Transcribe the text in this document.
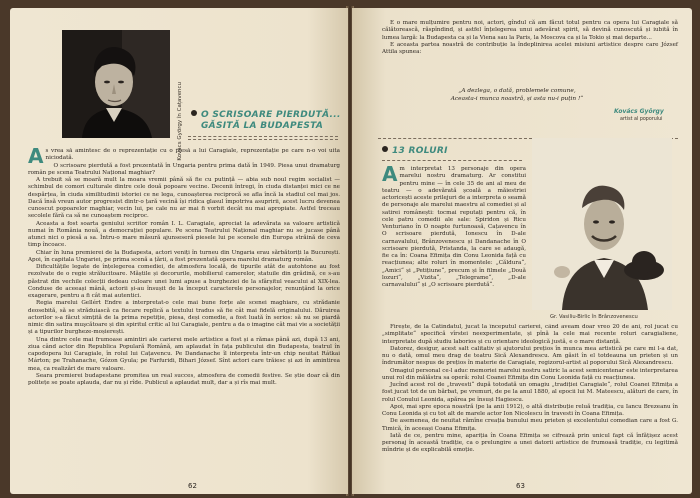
Kovács György în Cațavencu	O SCRISOARE PIERDUTĂ...
GĂSITĂ LA BUDAPESTA

As vrea să amintesc de o reprezentație cu o piesă a lui Caragiale, reprezentație pe care n-o voi uita niciodată.

O scrisoare pierdută a fost prezentată în Ungaria pentru prima dată în 1949. Piesa unui dramaturg român pe scena Teatrului Național maghiar?

A trebuit să se moară mult la moara vremii până să fie cu putință — abia sub noul regim socialist — schimbul de comori culturale dintre cele două popoare vecine. Decenii întregi, în ciuda distanței mici ce ne despărțea, în ciuda similitudinii istoriei ce ne lega, cunoașterea reciprocă se afla încă la stadiul cel mai jos. Dacă însă vreun autor progresist dintr-o țară vecină își ridica glasul împotriva asupririi, acest lucru devenea cunoscut popoarelor maghiar, vecin lui, pe cale nu ar mai fi vorbit decât nu mai apropiate. Astfel treceau secolele fără ca să ne cunoaștem reciproc.

Aceasta a fost soarta geniului scriitor român I. L. Caragiale, apreciat la adevărata sa valoare artistică numai în România nouă, a democrației populare. Pe scena Teatrului Național maghiar nu se jucase până atunci nici o piesă a sa. Întru-o mare măsură ajunseseră piesele lui pe scenele din Europa străină de ceva timp încoace.

Chiar în luna premierei de la Budapesta, actori veniți în turneu din Ungaria erau sărbătoriți la București. Apoi, în capitala Ungariei, pe prima scenă a țării, a fost prezentată opera marelui dramaturg român.

Dificultățile legate de înțelegerea comediei, de atmosfera locală, de tipurile atât de autohtone au fost rezolvate de o regie strălucitoare. Măștile și decorurile, mobilierul camerelor, statuile din grădină, ce s-au păstrat din vechile colecții dedeau culoare unei lumi apuse a burgheziei de la sfârșitul veacului al XIX-lea. Conduse de aceeași mână, actorii și-au însușit de la început caracterele personajelor, renunțând la orice exagerare, pentru a fi cât mai autentici.

Regia marelui Gellért Endre a interpretat-o cele mai bune forțe ale scenei maghiare, cu strădanie deosebită, să se străduiască ca fiecare replică a textului tradus să fie cât mai fidelă originalului. Dăruirea actorilor s-a făcut simțită de la prima repetiție, piesa, deși comedie, a fost luată în serios: să nu se piardă nimic din satira muşcătoare și din spiritul critic al lui Caragiale, pentru a da o imagine cât mai vie a societății și a tipurilor burgheze-moșierești.

Una dintre cele mai frumoase amintiri ale carierei mele artistice a fost și a rămas până azi, după 13 ani, ziua când actor din Republica Populară Română, am aplaudat în fața publicului din Budapesta, teatrul în capodopera lui Caragiale, în rolul lui Cațavencu. Pe Dandanache îl interpreta într-un chip neuitat Rátkai Márton; pe Trahanache, Gózon Gyula; pe Farfuridi, Bihari József. Sînt actori care trăiesc și azi în amintirea mea, ca realizări de mare valoare.

Seara premierei budapestane promitea un real succes, atmosfera de comedii festive. Se știe doar că din politețe se poate aplauda, dar nu și rîde. Publicul a aplaudat mult, dar a și rîs mai mult.

62

E o mare mulțumire pentru noi, actori, gîndul că am făcut totul pentru ca opera lui Caragiale să călătorească, răspîndind, și astfel înțelegerea unui adevărat spirit, să devină cunoscută și iubită în lumea largă: la Budapesta ca și la Viena sau la Paris, la Moscova ca și la Tokio și mai departe...

E aceasta partea noastră de contribuție la îndeplinirea acelei misiuni artistice despre care József Attila spunea:

„A dezlega, o dată, problemele comune,
Aceasta-i munca noastră, și asta nu-i puțin !“
Kovács György
artist al poporului
13 ROLURI

Am interpretat 13 personaje din opera marelui nostru dramaturg. Ar constitui pentru mine — în cele 35 de ani al meu de teatru — o adevărată școală a măiestriei actoricești aceste prilejuri de a interpreta o seamă de personaje ale marelui maestru al comediei și al satirei românești: tocmai reputați pentru că, în cele patru comedii ale sale: Spiridon și Ricu Venturiano în O noapte furtunoasă, Cațavencu în O scrisoare pierdută, Ionescu în D-ale carnavalului, Brânzovenescu și Dandanache în O scrisoare pierdută, Pristanda, la care se adaugă, fie ca în: Coana Efimița din Conu Leonida față cu reacțiunea; alte roluri în momentele: „Căldura“, „Amici“ și „Petițiune“, precum și în filmele „Două lozuri“, „Vizita“, „Telegrame“, „D-ale carnavalului“ și „O scrisoare pierdută“.

Gr. Vasiliu-Birlic în Brânzovenescu

Firește, de la Catindatul, jucat la începutul carierei, când aveam doar vreo 20 de ani, rol jucat cu „simplitate“ specifică vîrstei neexperimentate, și pînă la cele mai recente roluri caragialiene, interpretate după studiu laborios și cu orientare ideologică justă, e o mare distanță.

Datorez, desigur, acest salt calitativ și ajutorului prețios în munca mea artistică pe care mi l-a dat, nu o dată, omul meu drag de teatru Sică Alexandrescu. Am găsit în el totdeauna un prieten și un îndrumător nespus de prețios în materie de Caragiale, regizorul-artist al poporului Sică Alexandrescu.

Omagiul personal ce-l aduc memoriei marelui nostru satiric la acest semicentenar este interpretarea unui rol din mălăstra sa operă: rolul Coanei Efimița din Conu Leonida față cu reacțiunea.

Jucînd acest rol de „travesti“ după totodată un omagiu „tradiției Caragiale“, rolul Coanei Efimița a fost jucat tot de un bărbat, pe vremuri, de pe la anul 1880, al epocii lui M. Mateescu, alături de care, în rolul Conului Leonida, apărea pe însuși Hagiescu.

Apoi, mai spre epoca noastră (pe la anii 1912), o altă distribuție reluă tradiția, cu Iancu Brezeanu în Conu Leonida și cu tot alt de marele actor Ion Nicolescu în travesti în Coana Efimița.

De asemenea, de neuitat rămîne creația bunului meu prieten și excelentului comedian care a fost G. Timică, în aceeași Coana Efimița.

Iată de ce, pentru mine, apariția în Coana Efimița se cifrează prin unicul fapt că înfățișez acest personaj în această tradiție, ca o prelungire a unei datorii artistice de frumoasă tradiție, cu legitimă mîndrie și de explicabilă emoție.

63
